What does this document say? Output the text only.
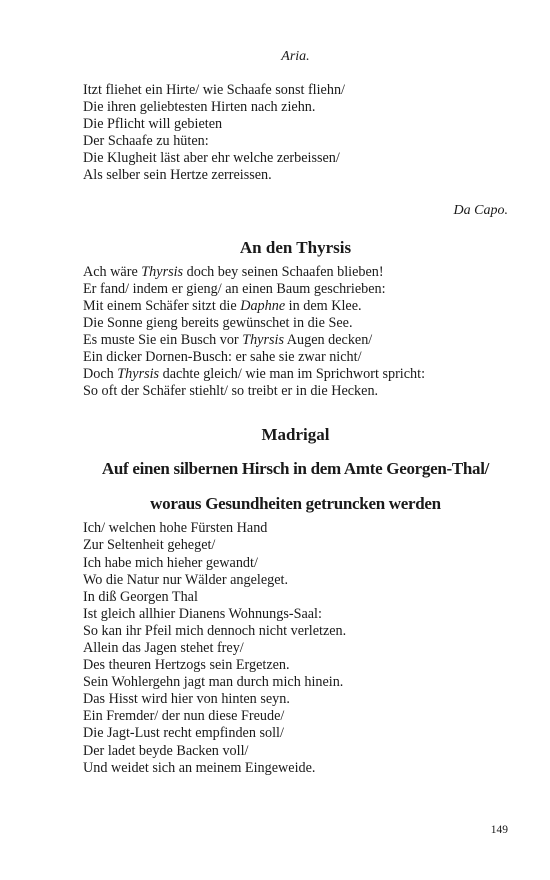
Aria.
Itzt fliehet ein Hirte/ wie Schaafe sonst fliehn/
Die ihren geliebtesten Hirten nach ziehn.
Die Pflicht will gebieten
Der Schaafe zu hüten:
Die Klugheit läst aber ehr welche zerbeissen/
Als selber sein Hertze zerreissen.
Da Capo.
An den Thyrsis
Ach wäre Thyrsis doch bey seinen Schaafen blieben!
Er fand/ indem er gieng/ an einen Baum geschrieben:
Mit einem Schäfer sitzt die Daphne in dem Klee.
Die Sonne gieng bereits gewünschet in die See.
Es muste Sie ein Busch vor Thyrsis Augen decken/
Ein dicker Dornen-Busch: er sahe sie zwar nicht/
Doch Thyrsis dachte gleich/ wie man im Sprichwort spricht:
So oft der Schäfer stiehlt/ so treibt er in die Hecken.
Madrigal
Auf einen silbernen Hirsch in dem Amte Georgen-Thal/
woraus Gesundheiten getruncken werden
Ich/ welchen hohe Fürsten Hand
Zur Seltenheit geheget/
Ich habe mich hieher gewandt/
Wo die Natur nur Wälder angeleget.
In diß Georgen Thal
Ist gleich allhier Dianens Wohnungs-Saal:
So kan ihr Pfeil mich dennoch nicht verletzen.
Allein das Jagen stehet frey/
Des theuren Hertzogs sein Ergetzen.
Sein Wohlergehn jagt man durch mich hinein.
Das Hisst wird hier von hinten seyn.
Ein Fremder/ der nun diese Freude/
Die Jagt-Lust recht empfinden soll/
Der ladet beyde Backen voll/
Und weidet sich an meinem Eingeweide.
149
